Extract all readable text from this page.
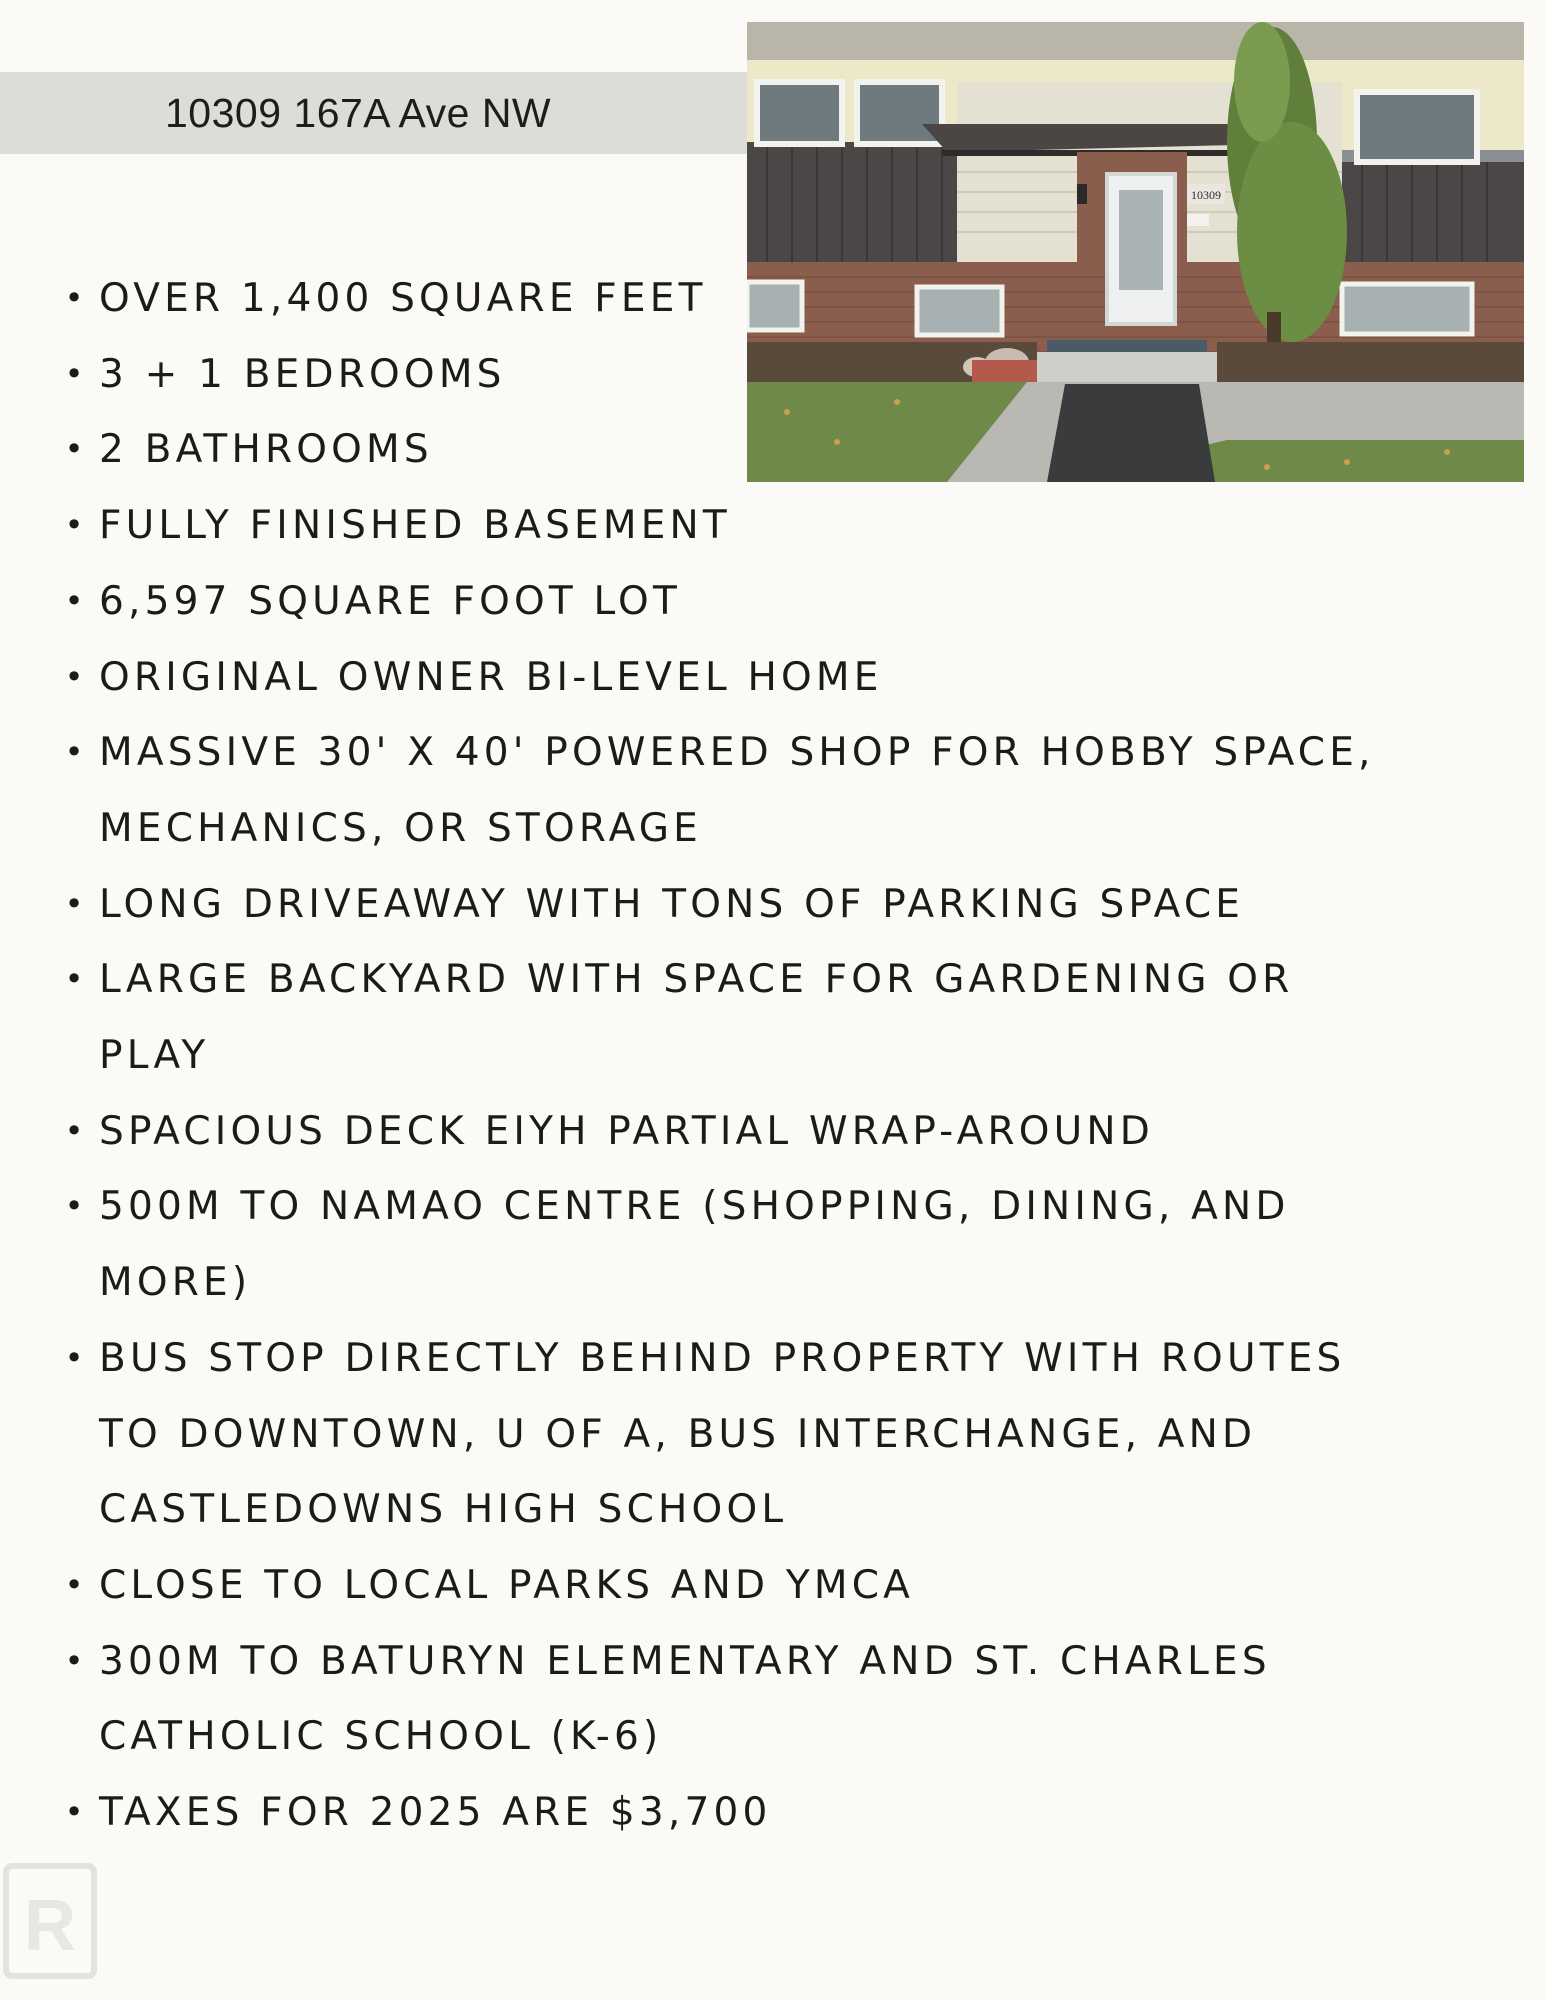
10309 167A Ave NW
10309
• OVER 1,400 SQUARE FEET
• 3 + 1 BEDROOMS
• 2 BATHROOMS
• FULLY FINISHED BASEMENT
• 6,597 SQUARE FOOT LOT
• ORIGINAL OWNER BI-LEVEL HOME
• MASSIVE 30' X 40' POWERED SHOP FOR HOBBY SPACE,
MECHANICS, OR STORAGE
• LONG DRIVEAWAY WITH TONS OF PARKING SPACE
• LARGE BACKYARD WITH SPACE FOR GARDENING OR
PLAY
• SPACIOUS DECK EIYH PARTIAL WRAP-AROUND
• 500M TO NAMAO CENTRE (SHOPPING, DINING, AND
MORE)
• BUS STOP DIRECTLY BEHIND PROPERTY WITH ROUTES
TO DOWNTOWN, U OF A, BUS INTERCHANGE, AND
CASTLEDOWNS HIGH SCHOOL
• CLOSE TO LOCAL PARKS AND YMCA
• 300M TO BATURYN ELEMENTARY AND ST. CHARLES
CATHOLIC SCHOOL (K-6)
• TAXES FOR 2025 ARE $3,700
R
